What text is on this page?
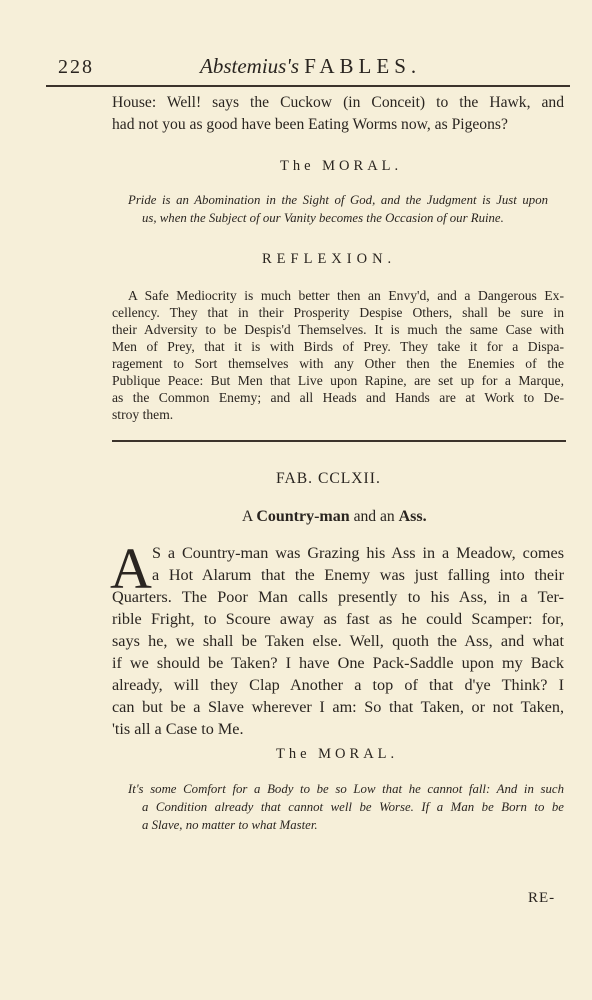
228	Abstemius's FABLES.
House: Well! says the Cuckow (in Conceit) to the Hawk, and
had not you as good have been Eating Worms now, as Pigeons?
The MORAL.
Pride is an Abomination in the Sight of God, and the Judgment is Just upon
us, when the Subject of our Vanity becomes the Occasion of our Ruine.
REFLEXION.
A Safe Mediocrity is much better then an Envy'd, and a Dangerous Ex-
cellency. They that in their Prosperity Despise Others, shall be sure in
their Adversity to be Despis'd Themselves. It is much the same Case with
Men of Prey, that it is with Birds of Prey. They take it for a Dispa-
ragement to Sort themselves with any Other then the Enemies of the
Publique Peace: But Men that Live upon Rapine, are set up for a Marque,
as the Common Enemy; and all Heads and Hands are at Work to De-
stroy them.
FAB. CCLXII.
A Country-man and an Ass.
A S a Country-man was Grazing his Ass in a Meadow, comes
a Hot Alarum that the Enemy was just falling into their
Quarters. The Poor Man calls presently to his Ass, in a Ter-
rible Fright, to Scoure away as fast as he could Scamper: for,
says he, we shall be Taken else. Well, quoth the Ass, and what
if we should be Taken? I have One Pack-Saddle upon my Back
already, will they Clap Another a top of that d'ye Think? I
can but be a Slave wherever I am: So that Taken, or not Taken,
'tis all a Case to Me.
The MORAL.
It's some Comfort for a Body to be so Low that he cannot fall: And in such
a Condition already that cannot well be Worse. If a Man be Born to be
a Slave, no matter to what Master.
RE-
